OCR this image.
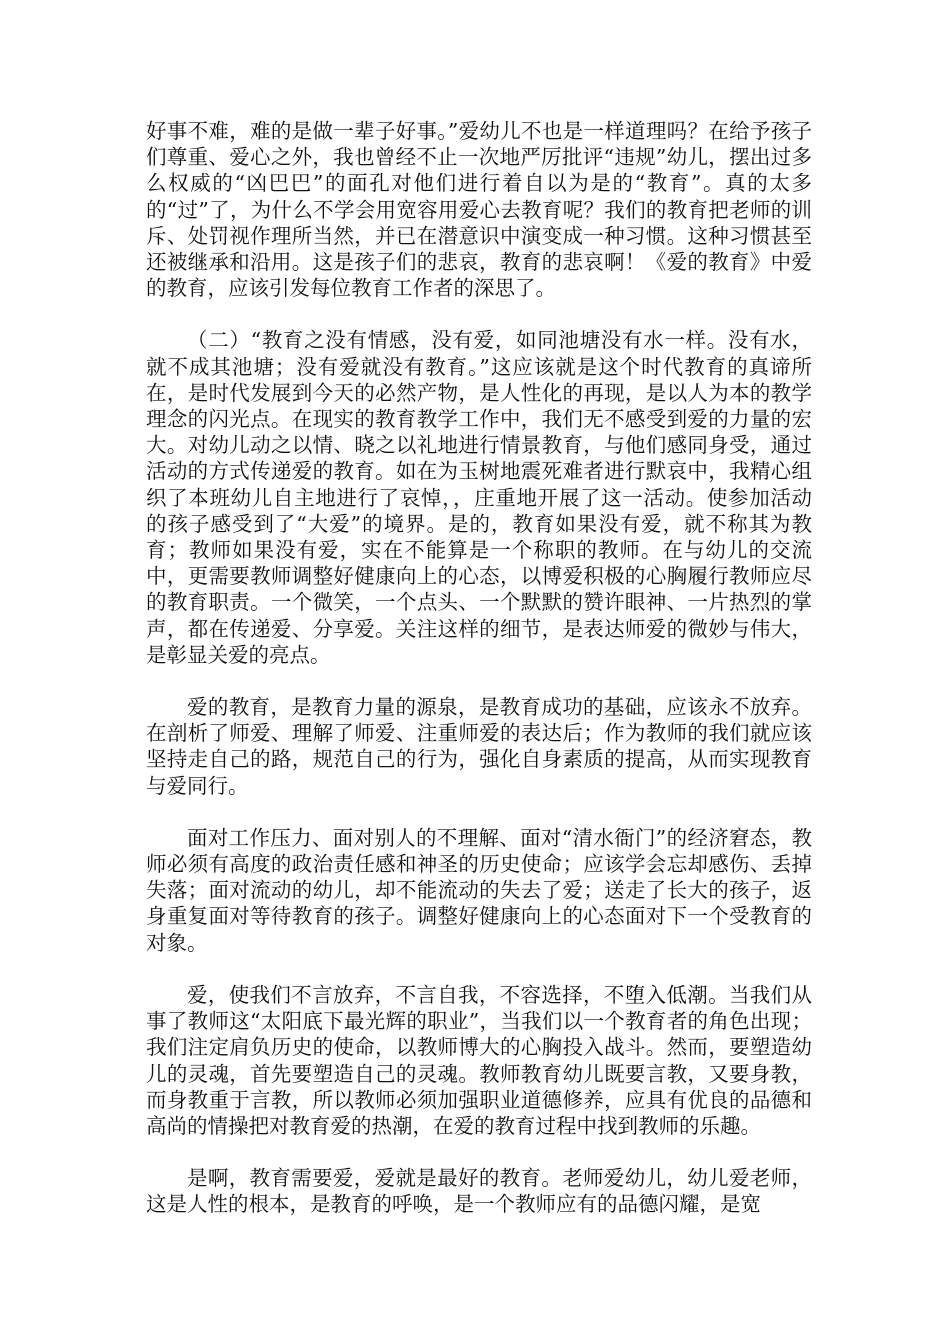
好事不难，难的是做一辈子好事。”爱幼儿不也是一样道理吗？在给予孩子们尊重、爱心之外，我也曾经不止一次地严厉批评“违规”幼儿，摆出过多么权威的“凶巴巴”的面孔对他们进行着自以为是的“教育”。真的太多的“过”了，为什么不学会用宽容用爱心去教育呢？我们的教育把老师的训斥、处罚视作理所当然，并已在潜意识中演变成一种习惯。这种习惯甚至还被继承和沿用。这是孩子们的悲哀，教育的悲哀啊！《爱的教育》中爱的教育，应该引发每位教育工作者的深思了。

（二）“教育之没有情感，没有爱，如同池塘没有水一样。没有水，就不成其池塘；没有爱就没有教育。”这应该就是这个时代教育的真谛所在，是时代发展到今天的必然产物，是人性化的再现，是以人为本的教学理念的闪光点。在现实的教育教学工作中，我们无不感受到爱的力量的宏大。对幼儿动之以情、晓之以礼地进行情景教育，与他们感同身受，通过活动的方式传递爱的教育。如在为玉树地震死难者进行默哀中，我精心组织了本班幼儿自主地进行了哀悼，，庄重地开展了这一活动。使参加活动的孩子感受到了“大爱”的境界。是的，教育如果没有爱，就不称其为教育；教师如果没有爱，实在不能算是一个称职的教师。在与幼儿的交流中，更需要教师调整好健康向上的心态，以博爱积极的心胸履行教师应尽的教育职责。一个微笑，一个点头、一个默默的赞许眼神、一片热烈的掌声，都在传递爱、分享爱。关注这样的细节，是表达师爱的微妙与伟大，是彰显关爱的亮点。

爱的教育，是教育力量的源泉，是教育成功的基础，应该永不放弃。在剖析了师爱、理解了师爱、注重师爱的表达后；作为教师的我们就应该坚持走自己的路，规范自己的行为，强化自身素质的提高，从而实现教育与爱同行。

面对工作压力、面对别人的不理解、面对“清水衙门”的经济窘态，教师必须有高度的政治责任感和神圣的历史使命；应该学会忘却感伤、丢掉失落；面对流动的幼儿，却不能流动的失去了爱；送走了长大的孩子，返身重复面对等待教育的孩子。调整好健康向上的心态面对下一个受教育的对象。

爱，使我们不言放弃，不言自我，不容选择，不堕入低潮。当我们从事了教师这“太阳底下最光辉的职业”，当我们以一个教育者的角色出现；我们注定肩负历史的使命，以教师博大的心胸投入战斗。然而，要塑造幼儿的灵魂，首先要塑造自己的灵魂。教师教育幼儿既要言教，又要身教，而身教重于言教，所以教师必须加强职业道德修养，应具有优良的品德和高尚的情操把对教育爱的热潮，在爱的教育过程中找到教师的乐趣。

是啊，教育需要爱，爱就是最好的教育。老师爱幼儿，幼儿爱老师，这是人性的根本，是教育的呼唤，是一个教师应有的品德闪耀，是宽
